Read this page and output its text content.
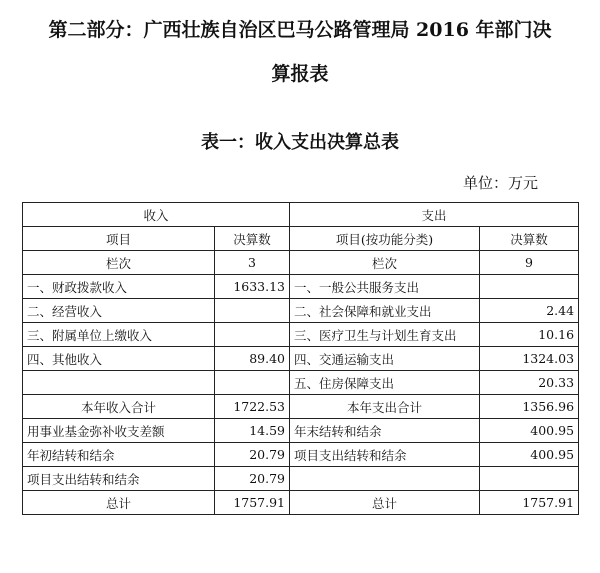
第二部分：广西壮族自治区巴马公路管理局 2016 年部门决
算报表
表一：收入支出决算总表
单位：万元
收入		支出	
项目	决算数	项目(按功能分类)	决算数
栏次	3	栏次	9
一、财政拨款收入	1633.13	一、一般公共服务支出	
二、经营收入		二、社会保障和就业支出	2.44
三、附属单位上缴收入		三、医疗卫生与计划生育支出	10.16
四、其他收入	89.40	四、交通运输支出	1324.03
		五、住房保障支出	20.33
本年收入合计	1722.53	本年支出合计	1356.96
用事业基金弥补收支差额	14.59	年末结转和结余	400.95
年初结转和结余	20.79	项目支出结转和结余	400.95
项目支出结转和结余	20.79		
总计	1757.91	总计	1757.91
